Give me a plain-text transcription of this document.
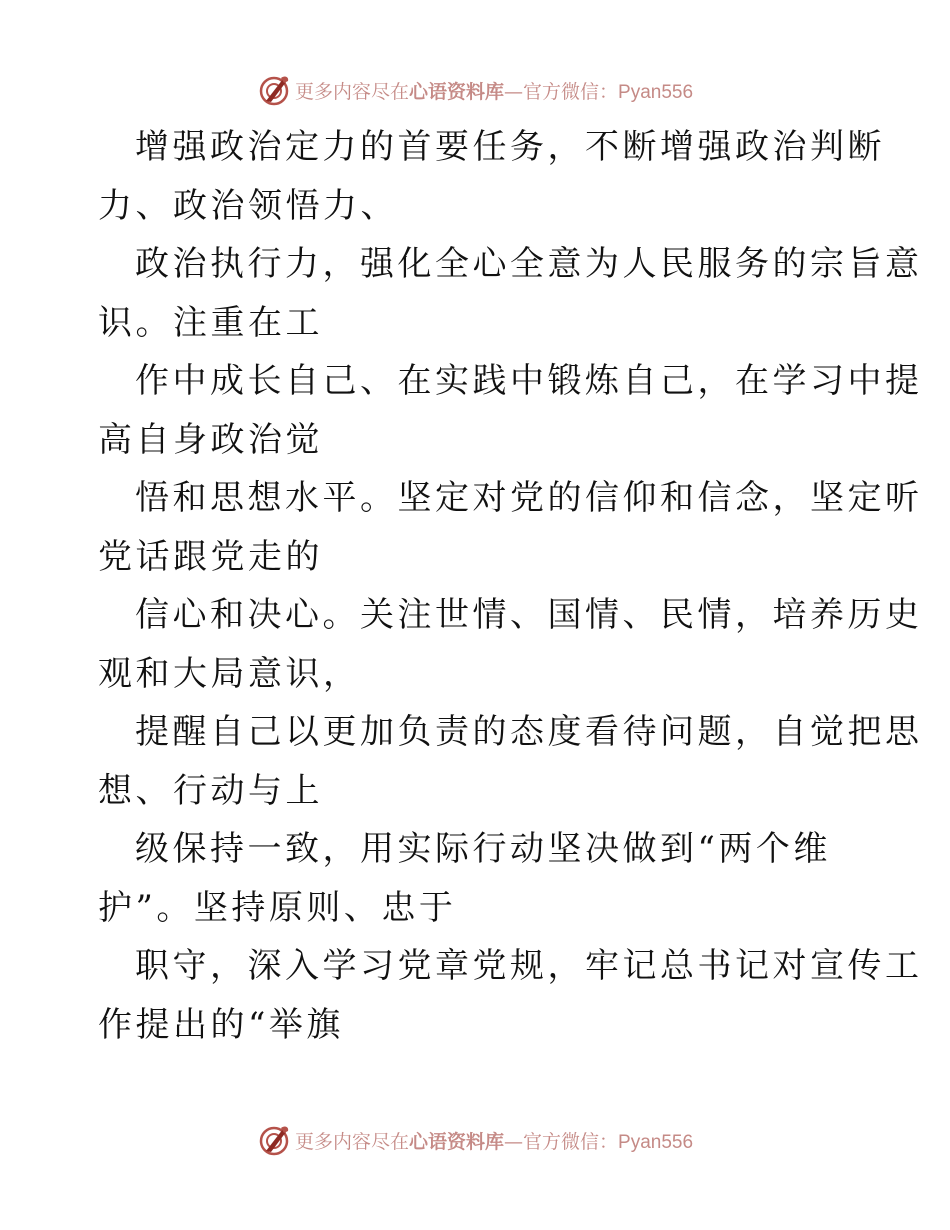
更多内容尽在心语资料库—官方微信：Pyan556
增强政治定力的首要任务，不断增强政治判断
力、政治领悟力、
政治执行力，强化全心全意为人民服务的宗旨意
识。注重在工
作中成长自己、在实践中锻炼自己，在学习中提
高自身政治觉
悟和思想水平。坚定对党的信仰和信念，坚定听
党话跟党走的
信心和决心。关注世情、国情、民情，培养历史
观和大局意识，
提醒自己以更加负责的态度看待问题，自觉把思
想、行动与上
级保持一致，用实际行动坚决做到“两个维
护”。坚持原则、忠于
职守，深入学习党章党规，牢记总书记对宣传工
作提出的“举旗
更多内容尽在心语资料库—官方微信：Pyan556
